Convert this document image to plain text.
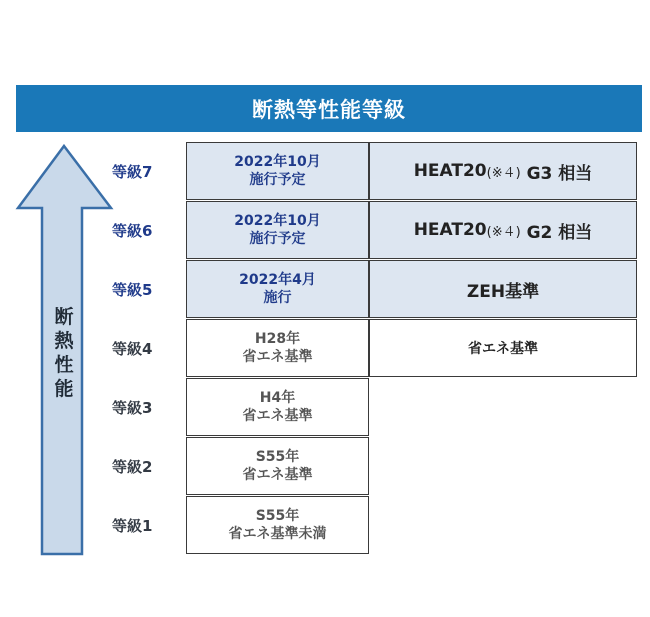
断熱等性能等級
断
熱
性
能
等級7
2022年10月
施行予定	HEAT20 (※４) G3 相当
等級6
2022年10月
施行予定	HEAT20 (※４) G2 相当
等級5
2022年4月
施行	ZEH基準
等級4
H28年
省エネ基準	省エネ基準
等級3
H4年
省エネ基準
等級2
S55年
省エネ基準
等級1
S55年
省エネ基準未満
